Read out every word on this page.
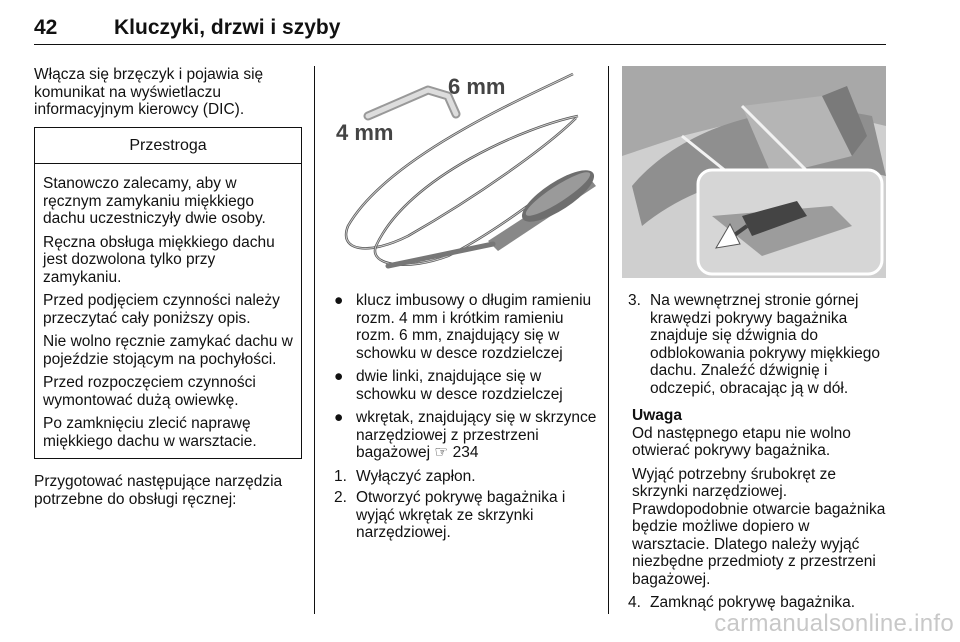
42	Kluczyki, drzwi i szyby

Włącza się brzęczyk i pojawia się komunikat na wyświetlaczu informacyjnym kierowcy (DIC).

Przestroga

Stanowczo zalecamy, aby w ręcznym zamykaniu miękkiego dachu uczestniczyły dwie osoby.

Ręczna obsługa miękkiego dachu jest dozwolona tylko przy zamykaniu.

Przed podjęciem czynności należy przeczytać cały poniższy opis.

Nie wolno ręcznie zamykać dachu w pojeździe stojącym na pochyłości.

Przed rozpoczęciem czynności wymontować dużą owiewkę.

Po zamknięciu zlecić naprawę miękkiego dachu w warsztacie.

Przygotować następujące narzędzia potrzebne do obsługi ręcznej:

6 mm
4 mm
● klucz imbusowy o długim ramieniu rozm. 4 mm i krótkim ramieniu rozm. 6 mm, znajdujący się w schowku w desce rozdzielczej
● dwie linki, znajdujące się w schowku w desce rozdzielczej
● wkrętak, znajdujący się w skrzynce narzędziowej z przestrzeni bagażowej ☞ 234
1. Wyłączyć zapłon.
2. Otworzyć pokrywę bagażnika i wyjąć wkrętak ze skrzynki narzędziowej.
3. Na wewnętrznej stronie górnej krawędzi pokrywy bagażnika znajduje się dźwignia do odblokowania pokrywy miękkiego dachu. Znaleźć dźwignię i odczepić, obracając ją w dół.
Uwaga

Od następnego etapu nie wolno otwierać pokrywy bagażnika.

Wyjąć potrzebny śrubokręt ze skrzynki narzędziowej.

Prawdopodobnie otwarcie bagażnika będzie możliwe dopiero w warsztacie. Dlatego należy wyjąć niezbędne przedmioty z przestrzeni bagażowej.

4. Zamknąć pokrywę bagażnika.
carmanualsonline.info
